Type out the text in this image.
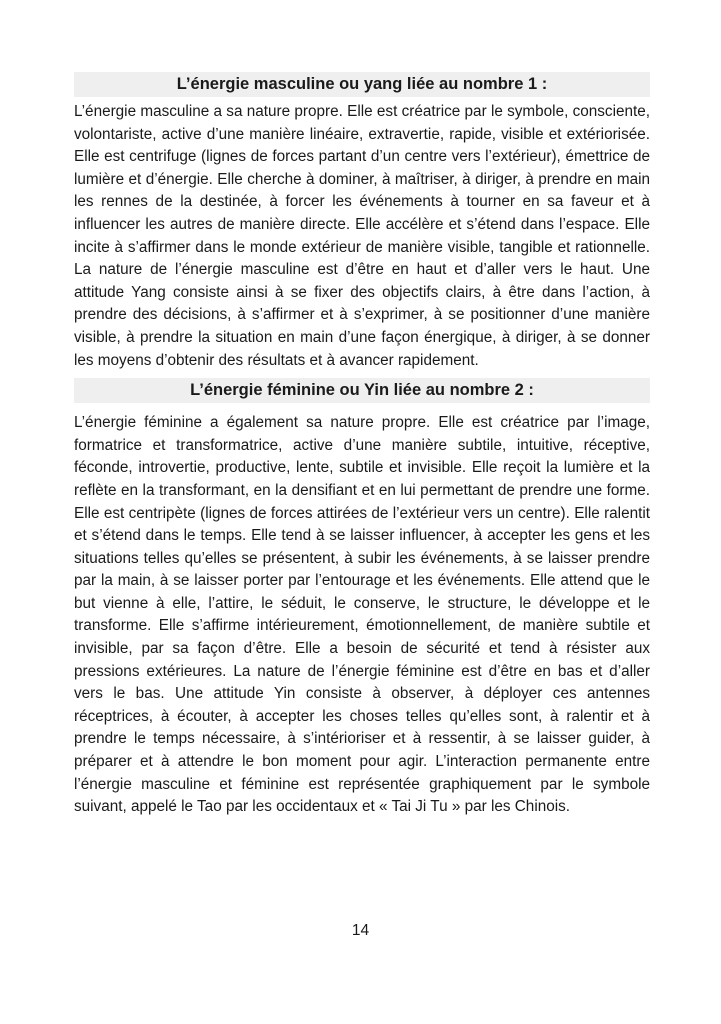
L’énergie masculine ou yang liée au nombre 1 :

L’énergie masculine a sa nature propre. Elle est créatrice par le symbole, consciente, volontariste, active d’une manière linéaire, extravertie, rapide, visible et extériorisée. Elle est centrifuge (lignes de forces partant d’un centre vers l’extérieur), émettrice de lumière et d’énergie. Elle cherche à dominer, à maîtriser, à diriger, à prendre en main les rennes de la destinée, à forcer les événements à tourner en sa faveur et à influencer les autres de manière directe. Elle accélère et s’étend dans l’espace. Elle incite à s’affirmer dans le monde extérieur de manière visible, tangible et rationnelle. La nature de l’énergie masculine est d’être en haut et d’aller vers le haut. Une attitude Yang consiste ainsi à se fixer des objectifs clairs, à être dans l’action, à prendre des décisions, à s’affirmer et à s’exprimer, à se positionner d’une manière visible, à prendre la situation en main d’une façon énergique, à diriger, à se donner les moyens d’obtenir des résultats et à avancer rapidement.

L’énergie féminine ou Yin liée au nombre 2 :

L’énergie féminine a également sa nature propre. Elle est créatrice par l’image, formatrice et transformatrice, active d’une manière subtile, intuitive, réceptive, féconde, introvertie, productive, lente, subtile et invisible. Elle reçoit la lumière et la reflète en la transformant, en la densifiant et en lui permettant de prendre une forme. Elle est centripète (lignes de forces attirées de l’extérieur vers un centre). Elle ralentit et s’étend dans le temps. Elle tend à se laisser influencer, à accepter les gens et les situations telles qu’elles se présentent, à subir les événements, à se laisser prendre par la main, à se laisser porter par l’entourage et les événements. Elle attend que le but vienne à elle, l’attire, le séduit, le conserve, le structure, le développe et le transforme. Elle s’affirme intérieurement, émotionnellement, de manière subtile et invisible, par sa façon d’être. Elle a besoin de sécurité et tend à résister aux pressions extérieures. La nature de l’énergie féminine est d’être en bas et d’aller vers le bas. Une attitude Yin consiste à observer, à déployer ces antennes réceptrices, à écouter, à accepter les choses telles qu’elles sont, à ralentir et à prendre le temps nécessaire, à s’intérioriser et à ressentir, à se laisser guider, à préparer et à attendre le bon moment pour agir. L’interaction permanente entre l’énergie masculine et féminine est représentée graphiquement par le symbole suivant, appelé le Tao par les occidentaux et « Tai Ji Tu » par les Chinois.

14
